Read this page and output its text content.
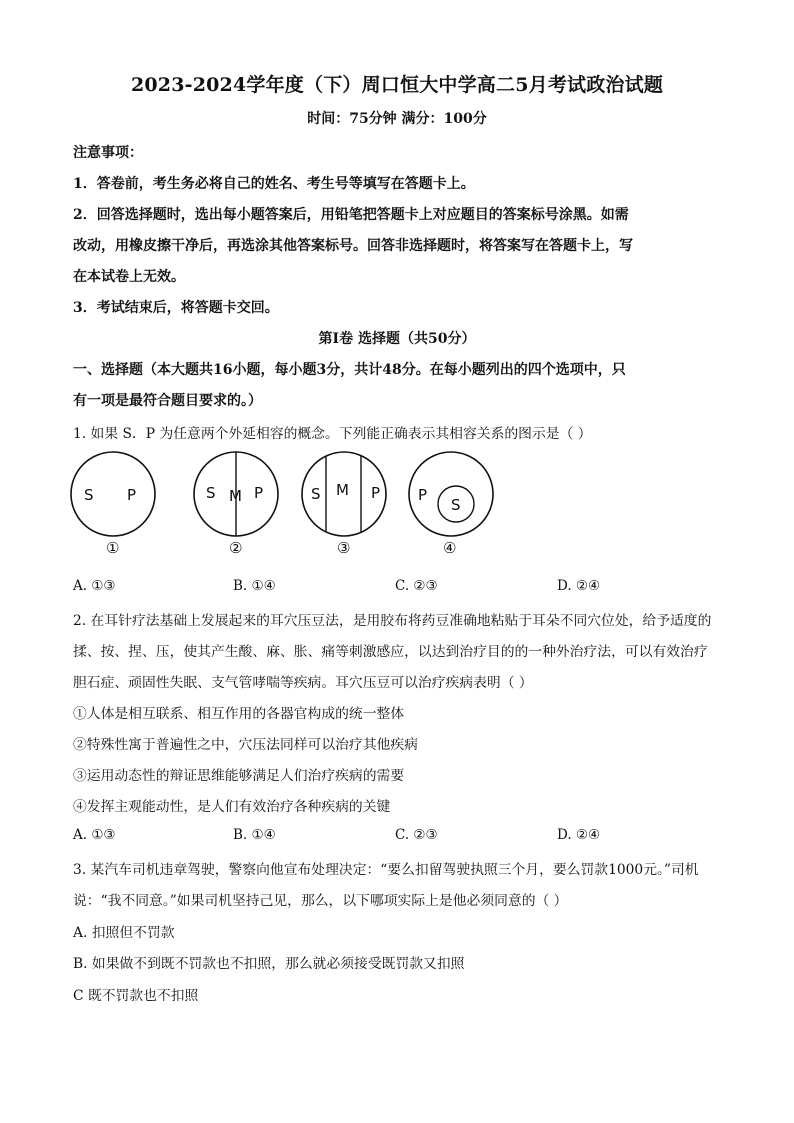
2023-2024学年度（下）周口恒大中学高二5月考试政治试题
时间：75分钟 满分：100分
注意事项：
1．答卷前，考生务必将自己的姓名、考生号等填写在答题卡上。
2．回答选择题时，选出每小题答案后，用铅笔把答题卡上对应题目的答案标号涂黑。如需
改动，用橡皮擦干净后，再选涂其他答案标号。回答非选择题时，将答案写在答题卡上，写
在本试卷上无效。
3．考试结束后，将答题卡交回。
第Ⅰ卷 选择题（共50分）
一、选择题（本大题共16小题，每小题3分，共计48分。在每小题列出的四个选项中，只
有一项是最符合题目要求的。）
1. 如果 S．P 为任意两个外延相容的概念。下列能正确表示其相容关系的图示是（ ）
S P	S M P	S M P	P
S
①	②	③	④
A. ①③	B. ①④	C. ②③	D. ②④
2. 在耳针疗法基础上发展起来的耳穴压豆法，是用胶布将药豆准确地粘贴于耳朵不同穴位处，给予适度的
揉、按、捏、压，使其产生酸、麻、胀、痛等刺激感应，以达到治疗目的的一种外治疗法，可以有效治疗
胆石症、顽固性失眠、支气管哮喘等疾病。耳穴压豆可以治疗疾病表明（ ）
①人体是相互联系、相互作用的各器官构成的统一整体
②特殊性寓于普遍性之中，穴压法同样可以治疗其他疾病
③运用动态性的辩证思维能够满足人们治疗疾病的需要
④发挥主观能动性，是人们有效治疗各种疾病的关键
A. ①③	B. ①④	C. ②③	D. ②④
3. 某汽车司机违章驾驶，警察向他宣布处理决定：“要么扣留驾驶执照三个月，要么罚款1000元。”司机
说：“我不同意。”如果司机坚持己见，那么，以下哪项实际上是他必须同意的（ ）
A. 扣照但不罚款
B. 如果做不到既不罚款也不扣照，那么就必须接受既罚款又扣照
C 既不罚款也不扣照
